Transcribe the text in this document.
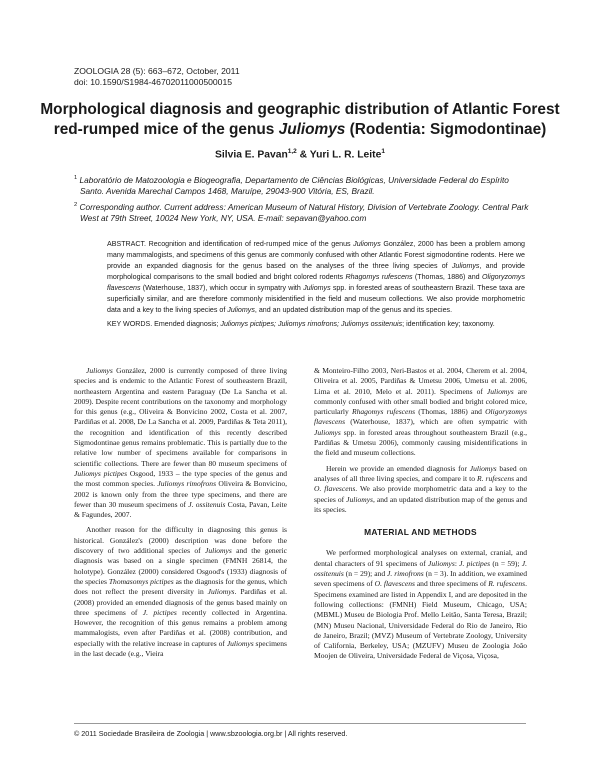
ZOOLOGIA 28 (5): 663–672, October, 2011
doi: 10.1590/S1984-46702011000500015
Morphological diagnosis and geographic distribution of Atlantic Forest
red-rumped mice of the genus Juliomys (Rodentia: Sigmodontinae)
Silvia E. Pavan$^{1,2}$ & Yuri L. R. Leite$^1$

$^1$ Laboratório de Matozoologia e Biogeografia, Departamento de Ciências Biológicas, Universidade Federal do Espírito Santo. Avenida Marechal Campos 1468, Maruípe, 29043-900 Vitória, ES, Brazil.

$^2$ Corresponding author. Current address: American Museum of Natural History, Division of Vertebrate Zoology. Central Park West at 79th Street, 10024 New York, NY, USA. E-mail: sepavan@yahoo.com

ABSTRACT. Recognition and identification of red-rumped mice of the genus Juliomys González, 2000 has been a problem among many mammalogists, and specimens of this genus are commonly confused with other Atlantic Forest sigmodontine rodents. Here we provide an expanded diagnosis for the genus based on the analyses of the three living species of Juliomys, and provide morphological comparisons to the small bodied and bright colored rodents Rhagomys rufescens (Thomas, 1886) and Oligoryzomys flavescens (Waterhouse, 1837), which occur in sympatry with Juliomys spp. in forested areas of southeastern Brazil. These taxa are superficially similar, and are therefore commonly misidentified in the field and museum collections. We also provide morphometric data and a key to the living species of Juliomys, and an updated distribution map of the genus and its species.
KEY WORDS. Emended diagnosis; Juliomys pictipes; Juliomys rimofrons; Juliomys ossitenuis; identification key; taxonomy.

Juliomys González, 2000 is currently composed of three living species and is endemic to the Atlantic Forest of southeastern Brazil, northeastern Argentina and eastern Paraguay (De La Sancha et al. 2009). Despite recent contributions on the taxonomy and morphology for this genus (e.g., Oliveira & Bonvicino 2002, Costa et al. 2007, Pardiñas et al. 2008, De La Sancha et al. 2009, Pardiñas & Teta 2011), the recognition and identification of this recently described Sigmodontinae genus remains problematic. This is partially due to the relative low number of specimens available for comparisons in scientific collections. There are fewer than 80 museum specimens of Juliomys pictipes Osgood, 1933 – the type species of the genus and the most common species. Juliomys rimofrons Oliveira & Bonvicino, 2002 is known only from the three type specimens, and there are fewer than 30 museum specimens of J. ossitenuis Costa, Pavan, Leite & Fagundes, 2007.

Another reason for the difficulty in diagnosing this genus is historical. González's (2000) description was done before the discovery of two additional species of Juliomys and the generic diagnosis was based on a single specimen (FMNH 26814, the holotype). González (2000) considered Osgood's (1933) diagnosis of the species Thomasomys pictipes as the diagnosis for the genus, which does not reflect the present diversity in Juliomys. Pardiñas et al. (2008) provided an emended diagnosis of the genus based mainly on three specimens of J. pictipes recently collected in Argentina. However, the recognition of this genus remains a problem among mammalogists, even after Pardiñas et al. (2008) contribution, and especially with the relative increase in captures of Juliomys specimens in the last decade (e.g., Vieira

& Monteiro-Filho 2003, Neri-Bastos et al. 2004, Cherem et al. 2004, Oliveira et al. 2005, Pardiñas & Umetsu 2006, Umetsu et al. 2006, Lima et al. 2010, Melo et al. 2011). Specimens of Juliomys are commonly confused with other small bodied and bright colored mice, particularly Rhagomys rufescens (Thomas, 1886) and Oligoryzomys flavescens (Waterhouse, 1837), which are often sympatric with Juliomys spp. in forested areas throughout southeastern Brazil (e.g., Pardiñas & Umetsu 2006), commonly causing misidentifications in the field and museum collections.

Herein we provide an emended diagnosis for Juliomys based on analyses of all three living species, and compare it to R. rufescens and O. flavescens. We also provide morphometric data and a key to the species of Juliomys, and an updated distribution map of the genus and its species.

MATERIAL AND METHODS

We performed morphological analyses on external, cranial, and dental characters of 91 specimens of Juliomys: J. pictipes (n = 59); J. ossitenuis (n = 29); and J. rimofrons (n = 3). In addition, we examined seven specimens of O. flavescens and three specimens of R. rufescens. Specimens examined are listed in Appendix I, and are deposited in the following collections: (FMNH) Field Museum, Chicago, USA; (MBML) Museu de Biologia Prof. Mello Leitão, Santa Teresa, Brazil; (MN) Museu Nacional, Universidade Federal do Rio de Janeiro, Rio de Janeiro, Brazil; (MVZ) Museum of Vertebrate Zoology, University of California, Berkeley, USA; (MZUFV) Museu de Zoologia João Moojen de Oliveira, Universidade Federal de Viçosa, Viçosa,

© 2011 Sociedade Brasileira de Zoologia | www.sbzoologia.org.br | All rights reserved.
